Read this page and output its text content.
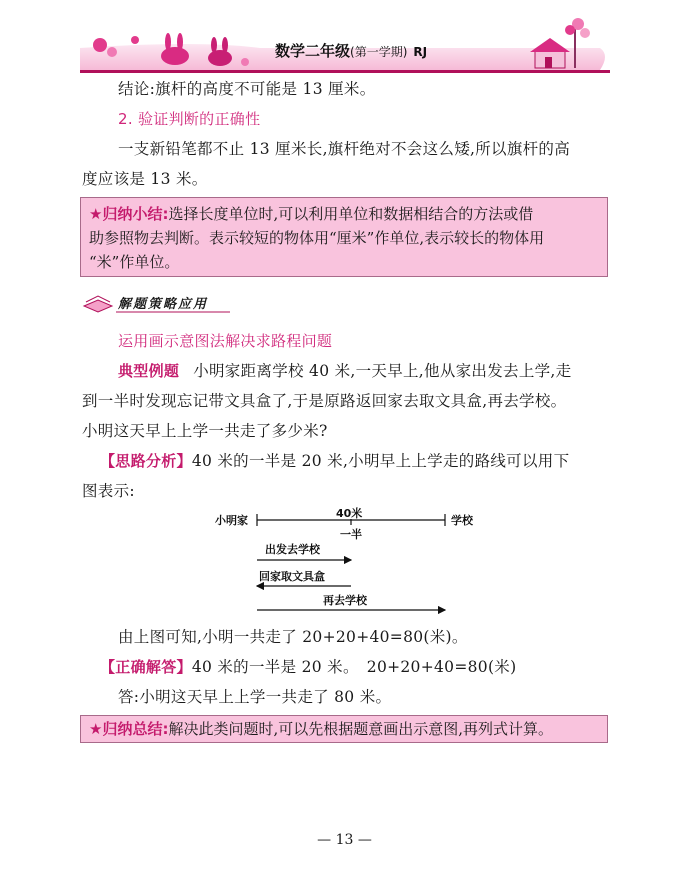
数学二年级(第一学期) RJ
结论:旗杆的高度不可能是 13 厘米。
2. 验证判断的正确性
一支新铅笔都不止 13 厘米长,旗杆绝对不会这么矮,所以旗杆的高
度应该是 13 米。
★归纳小结:选择长度单位时,可以利用单位和数据相结合的方法或借
助参照物去判断。表示较短的物体用“厘米”作单位,表示较长的物体用
“米”作单位。
解题策略应用
运用画示意图法解决求路程问题
典型例题 小明家距离学校 40 米,一天早上,他从家出发去上学,走
到一半时发现忘记带文具盒了,于是原路返回家去取文具盒,再去学校。
小明这天早上上学一共走了多少米?
【思路分析】40 米的一半是 20 米,小明早上上学走的路线可以用下
图表示:
小明家	学校
40米
一半
出发去学校
回家取文具盒
再去学校
由上图可知,小明一共走了 20+20+40=80(米)。
【正确解答】40 米的一半是 20 米。　20+20+40=80(米)
答:小明这天早上上学一共走了 80 米。
★归纳总结:解决此类问题时,可以先根据题意画出示意图,再列式计算。
— 13 —
